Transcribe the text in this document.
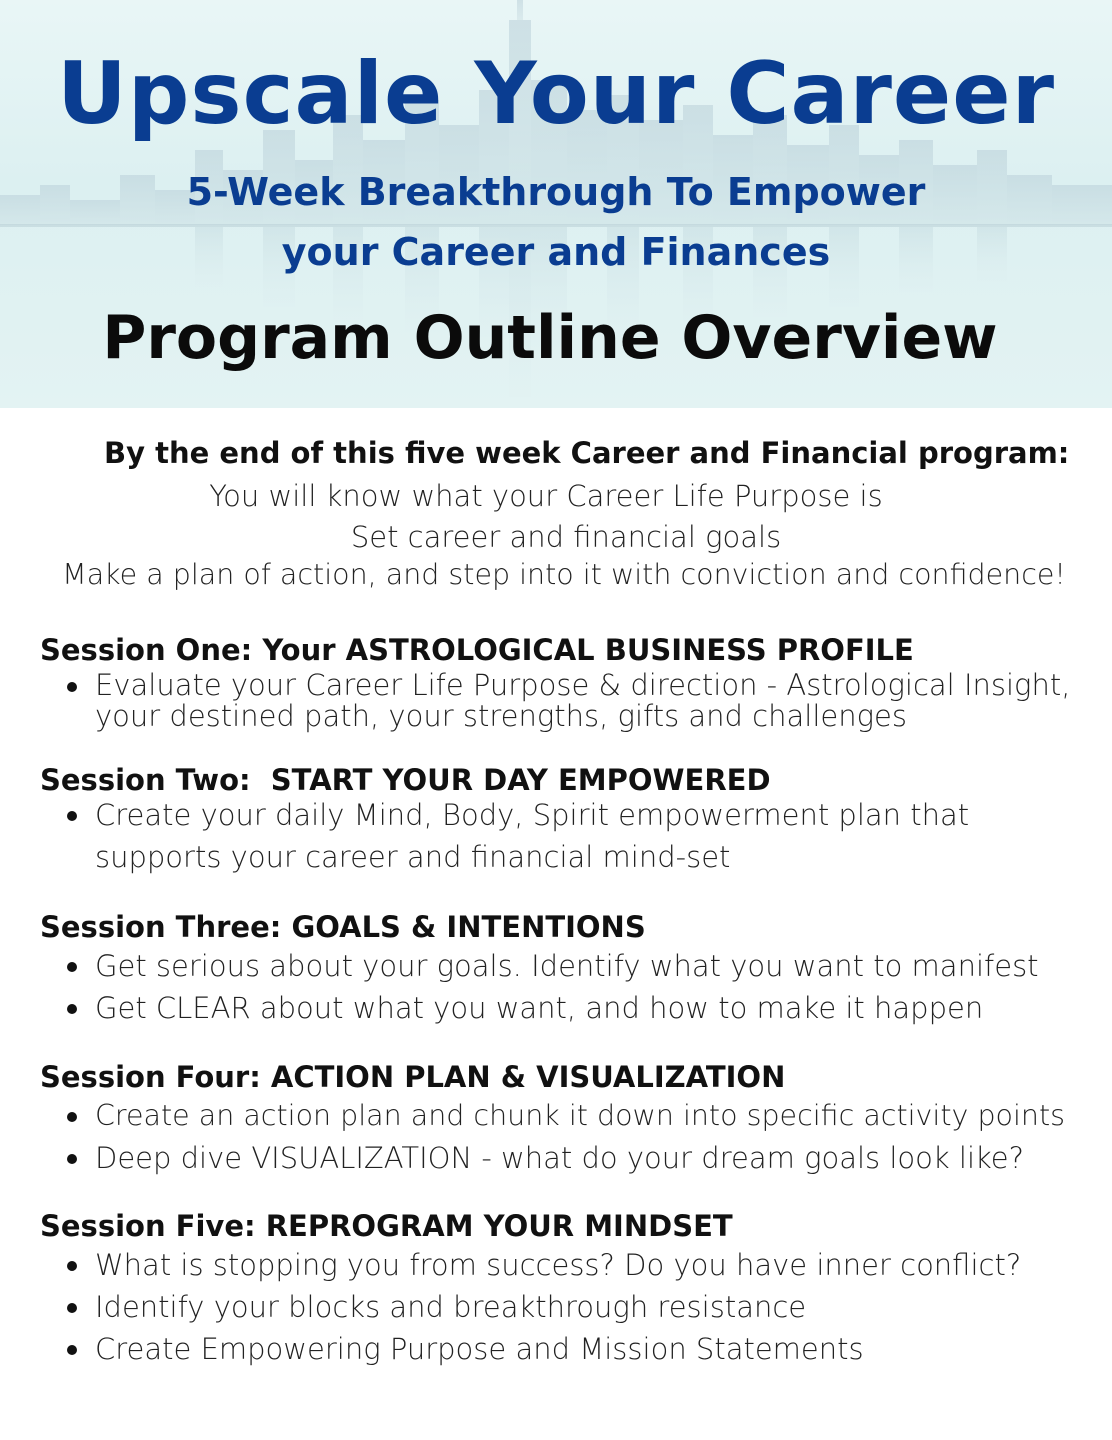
Upscale Your Career

5-Week Breakthrough To Empower

your Career and Finances

Program Outline Overview

By the end of this five week Career and Financial program:

You will know what your Career Life Purpose is

Set career and financial goals

Make a plan of action, and step into it with conviction and confidence!

Session One: Your ASTROLOGICAL BUSINESS PROFILE

Evaluate your Career Life Purpose & direction - Astrological Insight, your destined path, your strengths, gifts and challenges

Session Two:  START YOUR DAY EMPOWERED

Create your daily Mind, Body, Spirit empowerment plan that supports your career and financial mind-set

Session Three: GOALS & INTENTIONS

Get serious about your goals. Identify what you want to manifest
Get CLEAR about what you want, and how to make it happen

Session Four: ACTION PLAN & VISUALIZATION

Create an action plan and chunk it down into specific activity points
Deep dive VISUALIZATION - what do your dream goals look like?

Session Five: REPROGRAM YOUR MINDSET

What is stopping you from success? Do you have inner conflict?
Identify your blocks and breakthrough resistance
Create Empowering Purpose and Mission Statements
